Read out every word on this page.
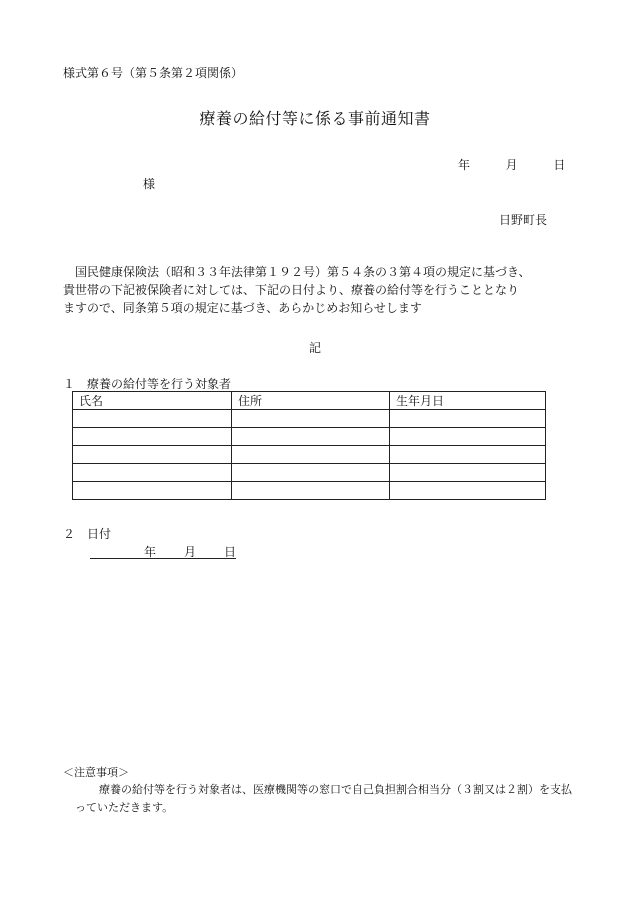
様式第６号（第５条第２項関係）
療養の給付等に係る事前通知書
年	月	日
様
日野町長

国民健康保険法（昭和３３年法律第１９２号）第５４条の３第４項の規定に基づき、

貴世帯の下記被保険者に対しては、下記の日付より、療養の給付等を行うこととなり

ますので、同条第５項の規定に基づき、あらかじめお知らせします

記
１　療養の給付等を行う対象者
氏名	住所	生年月日

２　日付
年 月 日
＜注意事項＞

療養の給付等を行う対象者は、医療機関等の窓口で自己負担割合相当分（３割又は２割）を支払っていただきます。
